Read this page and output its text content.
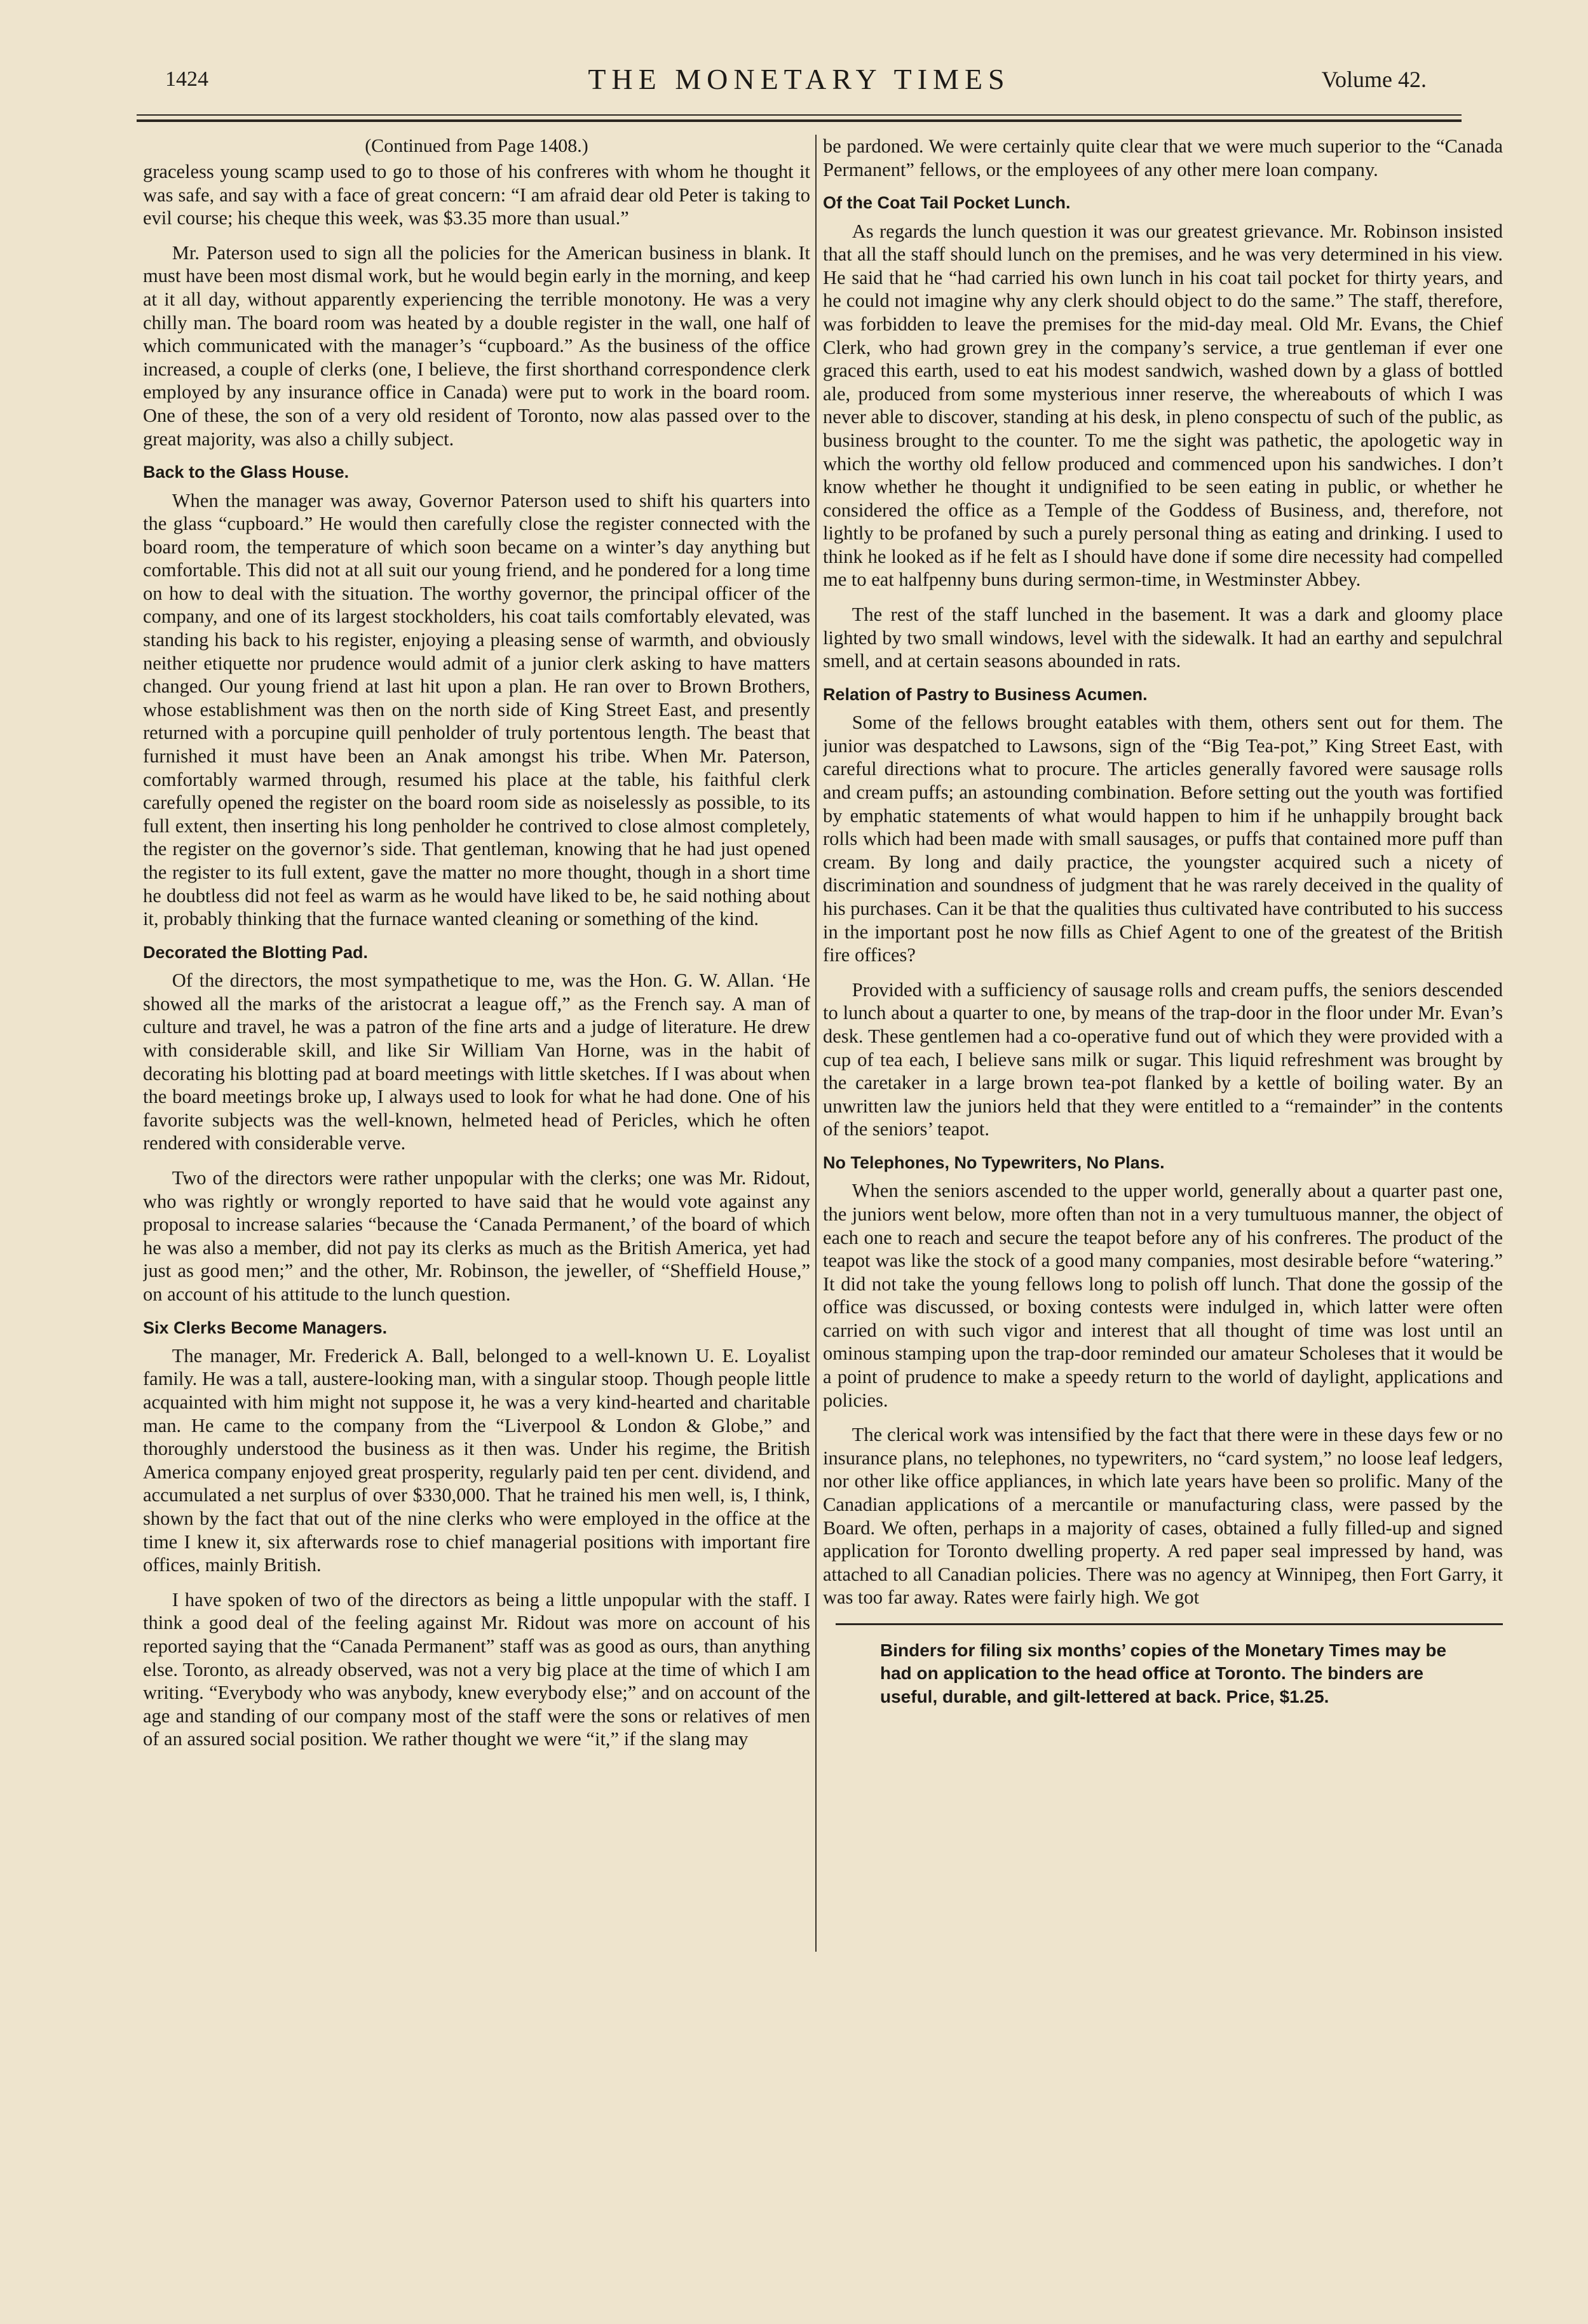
1424	THE MONETARY TIMES	Volume 42.
(Continued from Page 1408.)

graceless young scamp used to go to those of his confreres with whom he thought it was safe, and say with a face of great concern: “I am afraid dear old Peter is taking to evil course; his cheque this week, was $3.35 more than usual.”

Mr. Paterson used to sign all the policies for the American business in blank. It must have been most dismal work, but he would begin early in the morning, and keep at it all day, without apparently experiencing the terrible monotony. He was a very chilly man. The board room was heated by a double register in the wall, one half of which communicated with the manager’s “cupboard.” As the business of the office increased, a couple of clerks (one, I believe, the first shorthand correspondence clerk employed by any insurance office in Canada) were put to work in the board room. One of these, the son of a very old resident of Toronto, now alas passed over to the great majority, was also a chilly subject.

Back to the Glass House.

When the manager was away, Governor Paterson used to shift his quarters into the glass “cupboard.” He would then carefully close the register connected with the board room, the temperature of which soon became on a winter’s day anything but comfortable. This did not at all suit our young friend, and he pondered for a long time on how to deal with the situation. The worthy governor, the principal officer of the company, and one of its largest stockholders, his coat tails comfortably elevated, was standing his back to his register, enjoying a pleasing sense of warmth, and obviously neither etiquette nor prudence would admit of a junior clerk asking to have matters changed. Our young friend at last hit upon a plan. He ran over to Brown Brothers, whose establishment was then on the north side of King Street East, and presently returned with a porcupine quill penholder of truly portentous length. The beast that furnished it must have been an Anak amongst his tribe. When Mr. Paterson, comfortably warmed through, resumed his place at the table, his faithful clerk carefully opened the register on the board room side as noiselessly as possible, to its full extent, then inserting his long penholder he contrived to close almost completely, the register on the governor’s side. That gentleman, knowing that he had just opened the register to its full extent, gave the matter no more thought, though in a short time he doubtless did not feel as warm as he would have liked to be, he said nothing about it, probably thinking that the furnace wanted cleaning or something of the kind.

Decorated the Blotting Pad.

Of the directors, the most sympathetique to me, was the Hon. G. W. Allan. ‘He showed all the marks of the aristocrat a league off,” as the French say. A man of culture and travel, he was a patron of the fine arts and a judge of literature. He drew with considerable skill, and like Sir William Van Horne, was in the habit of decorating his blotting pad at board meetings with little sketches. If I was about when the board meetings broke up, I always used to look for what he had done. One of his favorite subjects was the well-known, helmeted head of Pericles, which he often rendered with considerable verve.

Two of the directors were rather unpopular with the clerks; one was Mr. Ridout, who was rightly or wrongly reported to have said that he would vote against any proposal to increase salaries “because the ‘Canada Permanent,’ of the board of which he was also a member, did not pay its clerks as much as the British America, yet had just as good men;” and the other, Mr. Robinson, the jeweller, of “Sheffield House,” on account of his attitude to the lunch question.

Six Clerks Become Managers.

The manager, Mr. Frederick A. Ball, belonged to a well-known U. E. Loyalist family. He was a tall, austere-looking man, with a singular stoop. Though people little acquainted with him might not suppose it, he was a very kind-hearted and charitable man. He came to the company from the “Liverpool & London & Globe,” and thoroughly understood the business as it then was. Under his regime, the British America company enjoyed great prosperity, regularly paid ten per cent. dividend, and accumulated a net surplus of over $330,000. That he trained his men well, is, I think, shown by the fact that out of the nine clerks who were employed in the office at the time I knew it, six afterwards rose to chief managerial positions with important fire offices, mainly British.

I have spoken of two of the directors as being a little unpopular with the staff. I think a good deal of the feeling against Mr. Ridout was more on account of his reported saying that the “Canada Permanent” staff was as good as ours, than anything else. Toronto, as already observed, was not a very big place at the time of which I am writing. “Everybody who was anybody, knew everybody else;” and on account of the age and standing of our company most of the staff were the sons or relatives of men of an assured social position. We rather thought we were “it,” if the slang may

be pardoned. We were certainly quite clear that we were much superior to the “Canada Permanent” fellows, or the employees of any other mere loan company.

Of the Coat Tail Pocket Lunch.

As regards the lunch question it was our greatest grievance. Mr. Robinson insisted that all the staff should lunch on the premises, and he was very determined in his view. He said that he “had carried his own lunch in his coat tail pocket for thirty years, and he could not imagine why any clerk should object to do the same.” The staff, therefore, was forbidden to leave the premises for the mid-day meal. Old Mr. Evans, the Chief Clerk, who had grown grey in the company’s service, a true gentleman if ever one graced this earth, used to eat his modest sandwich, washed down by a glass of bottled ale, produced from some mysterious inner reserve, the whereabouts of which I was never able to discover, standing at his desk, in pleno conspectu of such of the public, as business brought to the counter. To me the sight was pathetic, the apologetic way in which the worthy old fellow produced and commenced upon his sandwiches. I don’t know whether he thought it undignified to be seen eating in public, or whether he considered the office as a Temple of the Goddess of Business, and, therefore, not lightly to be profaned by such a purely personal thing as eating and drinking. I used to think he looked as if he felt as I should have done if some dire necessity had compelled me to eat halfpenny buns during sermon-time, in Westminster Abbey.

The rest of the staff lunched in the basement. It was a dark and gloomy place lighted by two small windows, level with the sidewalk. It had an earthy and sepulchral smell, and at certain seasons abounded in rats.

Relation of Pastry to Business Acumen.

Some of the fellows brought eatables with them, others sent out for them. The junior was despatched to Lawsons, sign of the “Big Tea-pot,” King Street East, with careful directions what to procure. The articles generally favored were sausage rolls and cream puffs; an astounding combination. Before setting out the youth was fortified by emphatic statements of what would happen to him if he unhappily brought back rolls which had been made with small sausages, or puffs that contained more puff than cream. By long and daily practice, the youngster acquired such a nicety of discrimination and soundness of judgment that he was rarely deceived in the quality of his purchases. Can it be that the qualities thus cultivated have contributed to his success in the important post he now fills as Chief Agent to one of the greatest of the British fire offices?

Provided with a sufficiency of sausage rolls and cream puffs, the seniors descended to lunch about a quarter to one, by means of the trap-door in the floor under Mr. Evan’s desk. These gentlemen had a co-operative fund out of which they were provided with a cup of tea each, I believe sans milk or sugar. This liquid refreshment was brought by the caretaker in a large brown tea-pot flanked by a kettle of boiling water. By an unwritten law the juniors held that they were entitled to a “remainder” in the contents of the seniors’ teapot.

No Telephones, No Typewriters, No Plans.

When the seniors ascended to the upper world, generally about a quarter past one, the juniors went below, more often than not in a very tumultuous manner, the object of each one to reach and secure the teapot before any of his confreres. The product of the teapot was like the stock of a good many companies, most desirable before “watering.” It did not take the young fellows long to polish off lunch. That done the gossip of the office was discussed, or boxing contests were indulged in, which latter were often carried on with such vigor and interest that all thought of time was lost until an ominous stamping upon the trap-door reminded our amateur Scholeses that it would be a point of prudence to make a speedy return to the world of daylight, applications and policies.

The clerical work was intensified by the fact that there were in these days few or no insurance plans, no telephones, no typewriters, no “card system,” no loose leaf ledgers, nor other like office appliances, in which late years have been so prolific. Many of the Canadian applications of a mercantile or manufacturing class, were passed by the Board. We often, perhaps in a majority of cases, obtained a fully filled-up and signed application for Toronto dwelling property. A red paper seal impressed by hand, was attached to all Canadian policies. There was no agency at Winnipeg, then Fort Garry, it was too far away. Rates were fairly high. We got

Binders for filing six months’ copies of the Monetary Times may be had on application to the head office at Toronto. The binders are useful, durable, and gilt-lettered at back. Price, $1.25.
